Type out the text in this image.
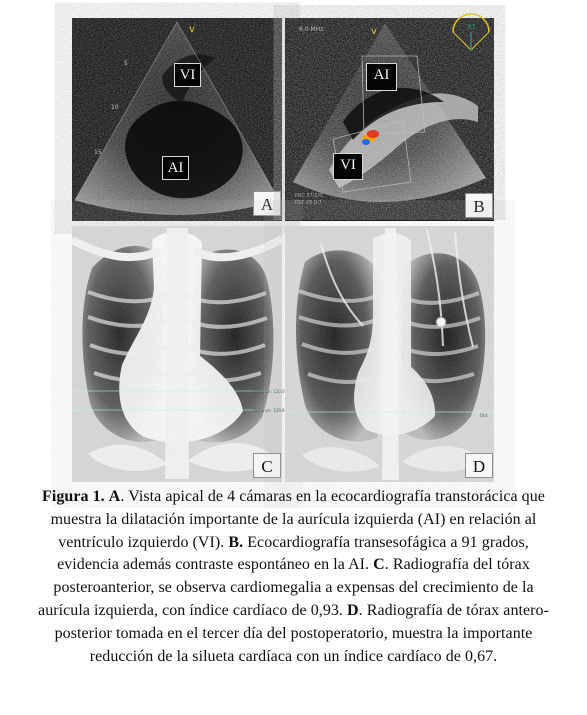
v
5
10
15
VI
AI
A
6.0 MHz
PRC 37/1/0
PST 23 0.7
91
v
AI
VI
B
C	D
Figura 1. A. Vista apical de 4 cámaras en la ecocardiografía transtorácica que muestra la dilatación importante de la aurícula izquierda (AI) en relación al ventrículo izquierdo (VI). B. Ecocardiografía transesofágica a 91 grados, evidencia además contraste espontáneo en la AI. C. Radiografía del tórax posteroanterior, se observa cardiomegalia a expensas del crecimiento de la aurícula izquierda, con índice cardíaco de 0,93. D. Radiografía de tórax antero-posterior tomada en el tercer día del postoperatorio, muestra la importante reducción de la silueta cardíaca con un índice cardíaco de 0,67.
